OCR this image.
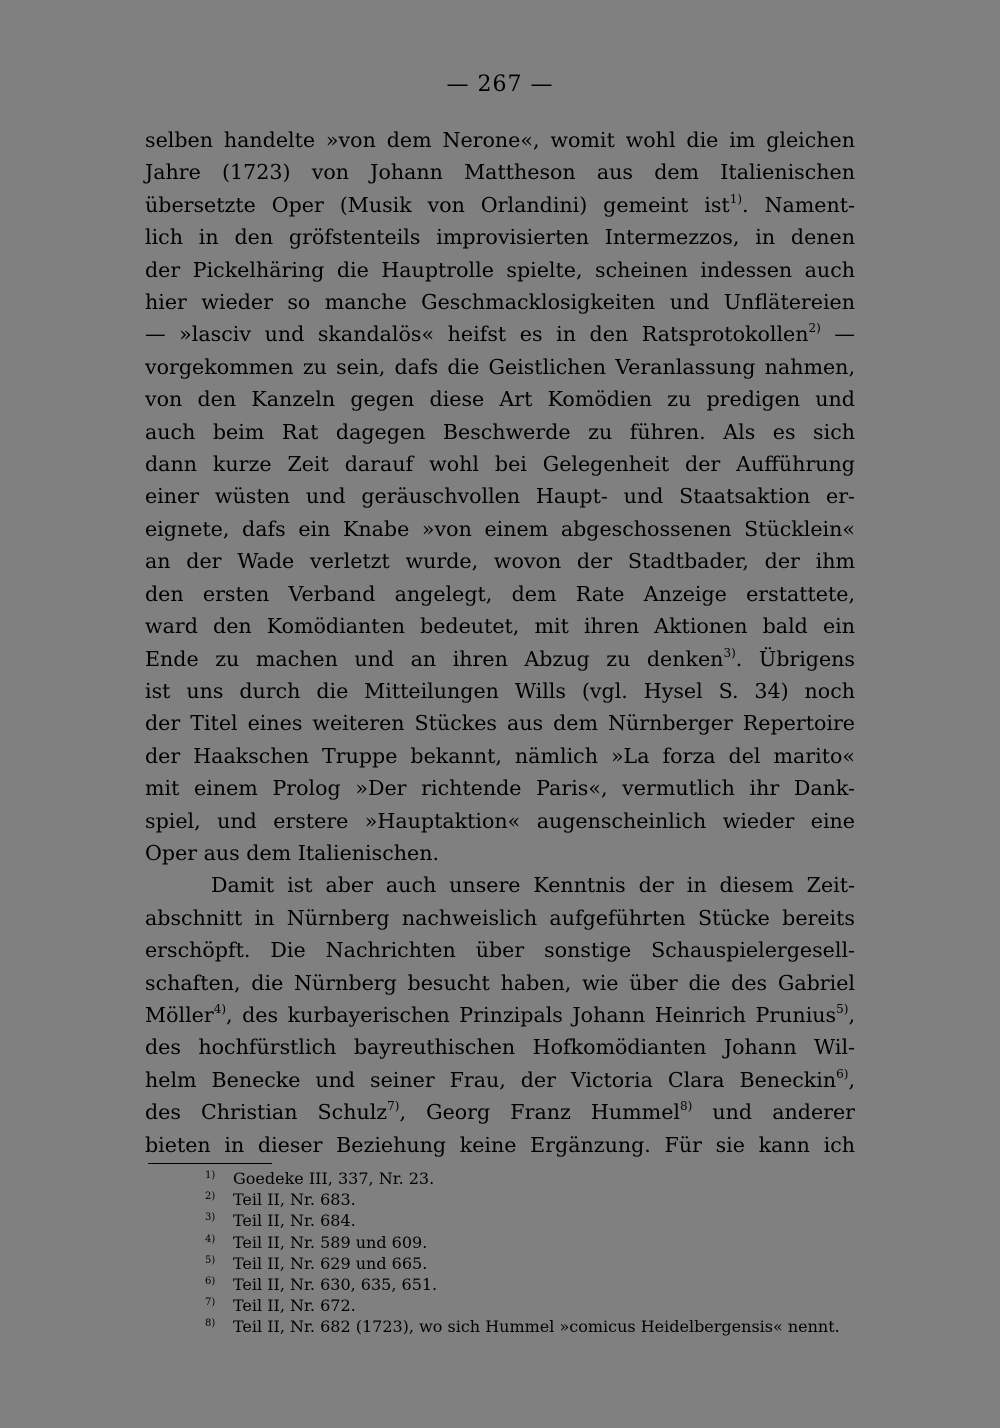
— 267 —
selben handelte »von dem Nerone«, womit wohl die im gleichen
Jahre (1723) von Johann Mattheson aus dem Italienischen
übersetzte Oper (Musik von Orlandini) gemeint ist$^{1)}$. Nament-
lich in den gröfstenteils improvisierten Intermezzos, in denen
der Pickelhäring die Hauptrolle spielte, scheinen indessen auch
hier wieder so manche Geschmacklosigkeiten und Unflätereien
— »lasciv und skandalös« heifst es in den Ratsprotokollen$^{2)}$ —
vorgekommen zu sein, dafs die Geistlichen Veranlassung nahmen,
von den Kanzeln gegen diese Art Komödien zu predigen und
auch beim Rat dagegen Beschwerde zu führen. Als es sich
dann kurze Zeit darauf wohl bei Gelegenheit der Aufführung
einer wüsten und geräuschvollen Haupt- und Staatsaktion er-
eignete, dafs ein Knabe »von einem abgeschossenen Stücklein«
an der Wade verletzt wurde, wovon der Stadtbader, der ihm
den ersten Verband angelegt, dem Rate Anzeige erstattete,
ward den Komödianten bedeutet, mit ihren Aktionen bald ein
Ende zu machen und an ihren Abzug zu denken$^{3)}$. Übrigens
ist uns durch die Mitteilungen Wills (vgl. Hysel S. 34) noch
der Titel eines weiteren Stückes aus dem Nürnberger Repertoire
der Haakschen Truppe bekannt, nämlich »La forza del marito«
mit einem Prolog »Der richtende Paris«, vermutlich ihr Dank-
spiel, und erstere »Hauptaktion« augenscheinlich wieder eine
Oper aus dem Italienischen.
Damit ist aber auch unsere Kenntnis der in diesem Zeit-
abschnitt in Nürnberg nachweislich aufgeführten Stücke bereits
erschöpft. Die Nachrichten über sonstige Schauspielergesell-
schaften, die Nürnberg besucht haben, wie über die des Gabriel
Möller$^{4)}$, des kurbayerischen Prinzipals Johann Heinrich Prunius$^{5)}$,
des hochfürstlich bayreuthischen Hofkomödianten Johann Wil-
helm Benecke und seiner Frau, der Victoria Clara Beneckin$^{6)}$,
des Christian Schulz$^{7)}$, Georg Franz Hummel$^{8)}$ und anderer
bieten in dieser Beziehung keine Ergänzung. Für sie kann ich
$^{1)}$ Goedeke III, 337, Nr. 23.
$^{2)}$ Teil II, Nr. 683.
$^{3)}$ Teil II, Nr. 684.
$^{4)}$ Teil II, Nr. 589 und 609.
$^{5)}$ Teil II, Nr. 629 und 665.
$^{6)}$ Teil II, Nr. 630, 635, 651.
$^{7)}$ Teil II, Nr. 672.
$^{8)}$ Teil II, Nr. 682 (1723), wo sich Hummel »comicus Heidelbergensis« nennt.
